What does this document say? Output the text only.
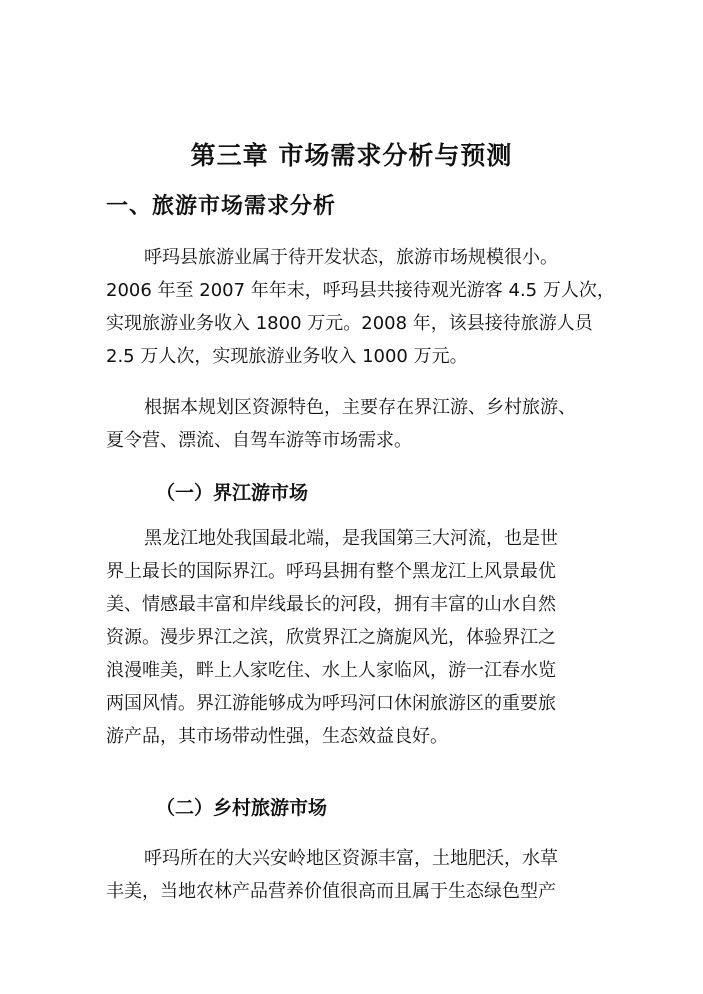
第三章 市场需求分析与预测
一、旅游市场需求分析
呼玛县旅游业属于待开发状态，旅游市场规模很小。
2006 年至 2007 年年末，呼玛县共接待观光游客 4.5 万人次，
实现旅游业务收入 1800 万元。2008 年，该县接待旅游人员
2.5 万人次，实现旅游业务收入 1000 万元。
根据本规划区资源特色，主要存在界江游、乡村旅游、
夏令营、漂流、自驾车游等市场需求。
（一）界江游市场
黑龙江地处我国最北端，是我国第三大河流，也是世
界上最长的国际界江。呼玛县拥有整个黑龙江上风景最优
美、情感最丰富和岸线最长的河段，拥有丰富的山水自然
资源。漫步界江之滨，欣赏界江之旖旎风光，体验界江之
浪漫唯美，畔上人家吃住、水上人家临风，游一江春水览
两国风情。界江游能够成为呼玛河口休闲旅游区的重要旅
游产品，其市场带动性强，生态效益良好。
（二）乡村旅游市场
呼玛所在的大兴安岭地区资源丰富，土地肥沃，水草
丰美，当地农林产品营养价值很高而且属于生态绿色型产
